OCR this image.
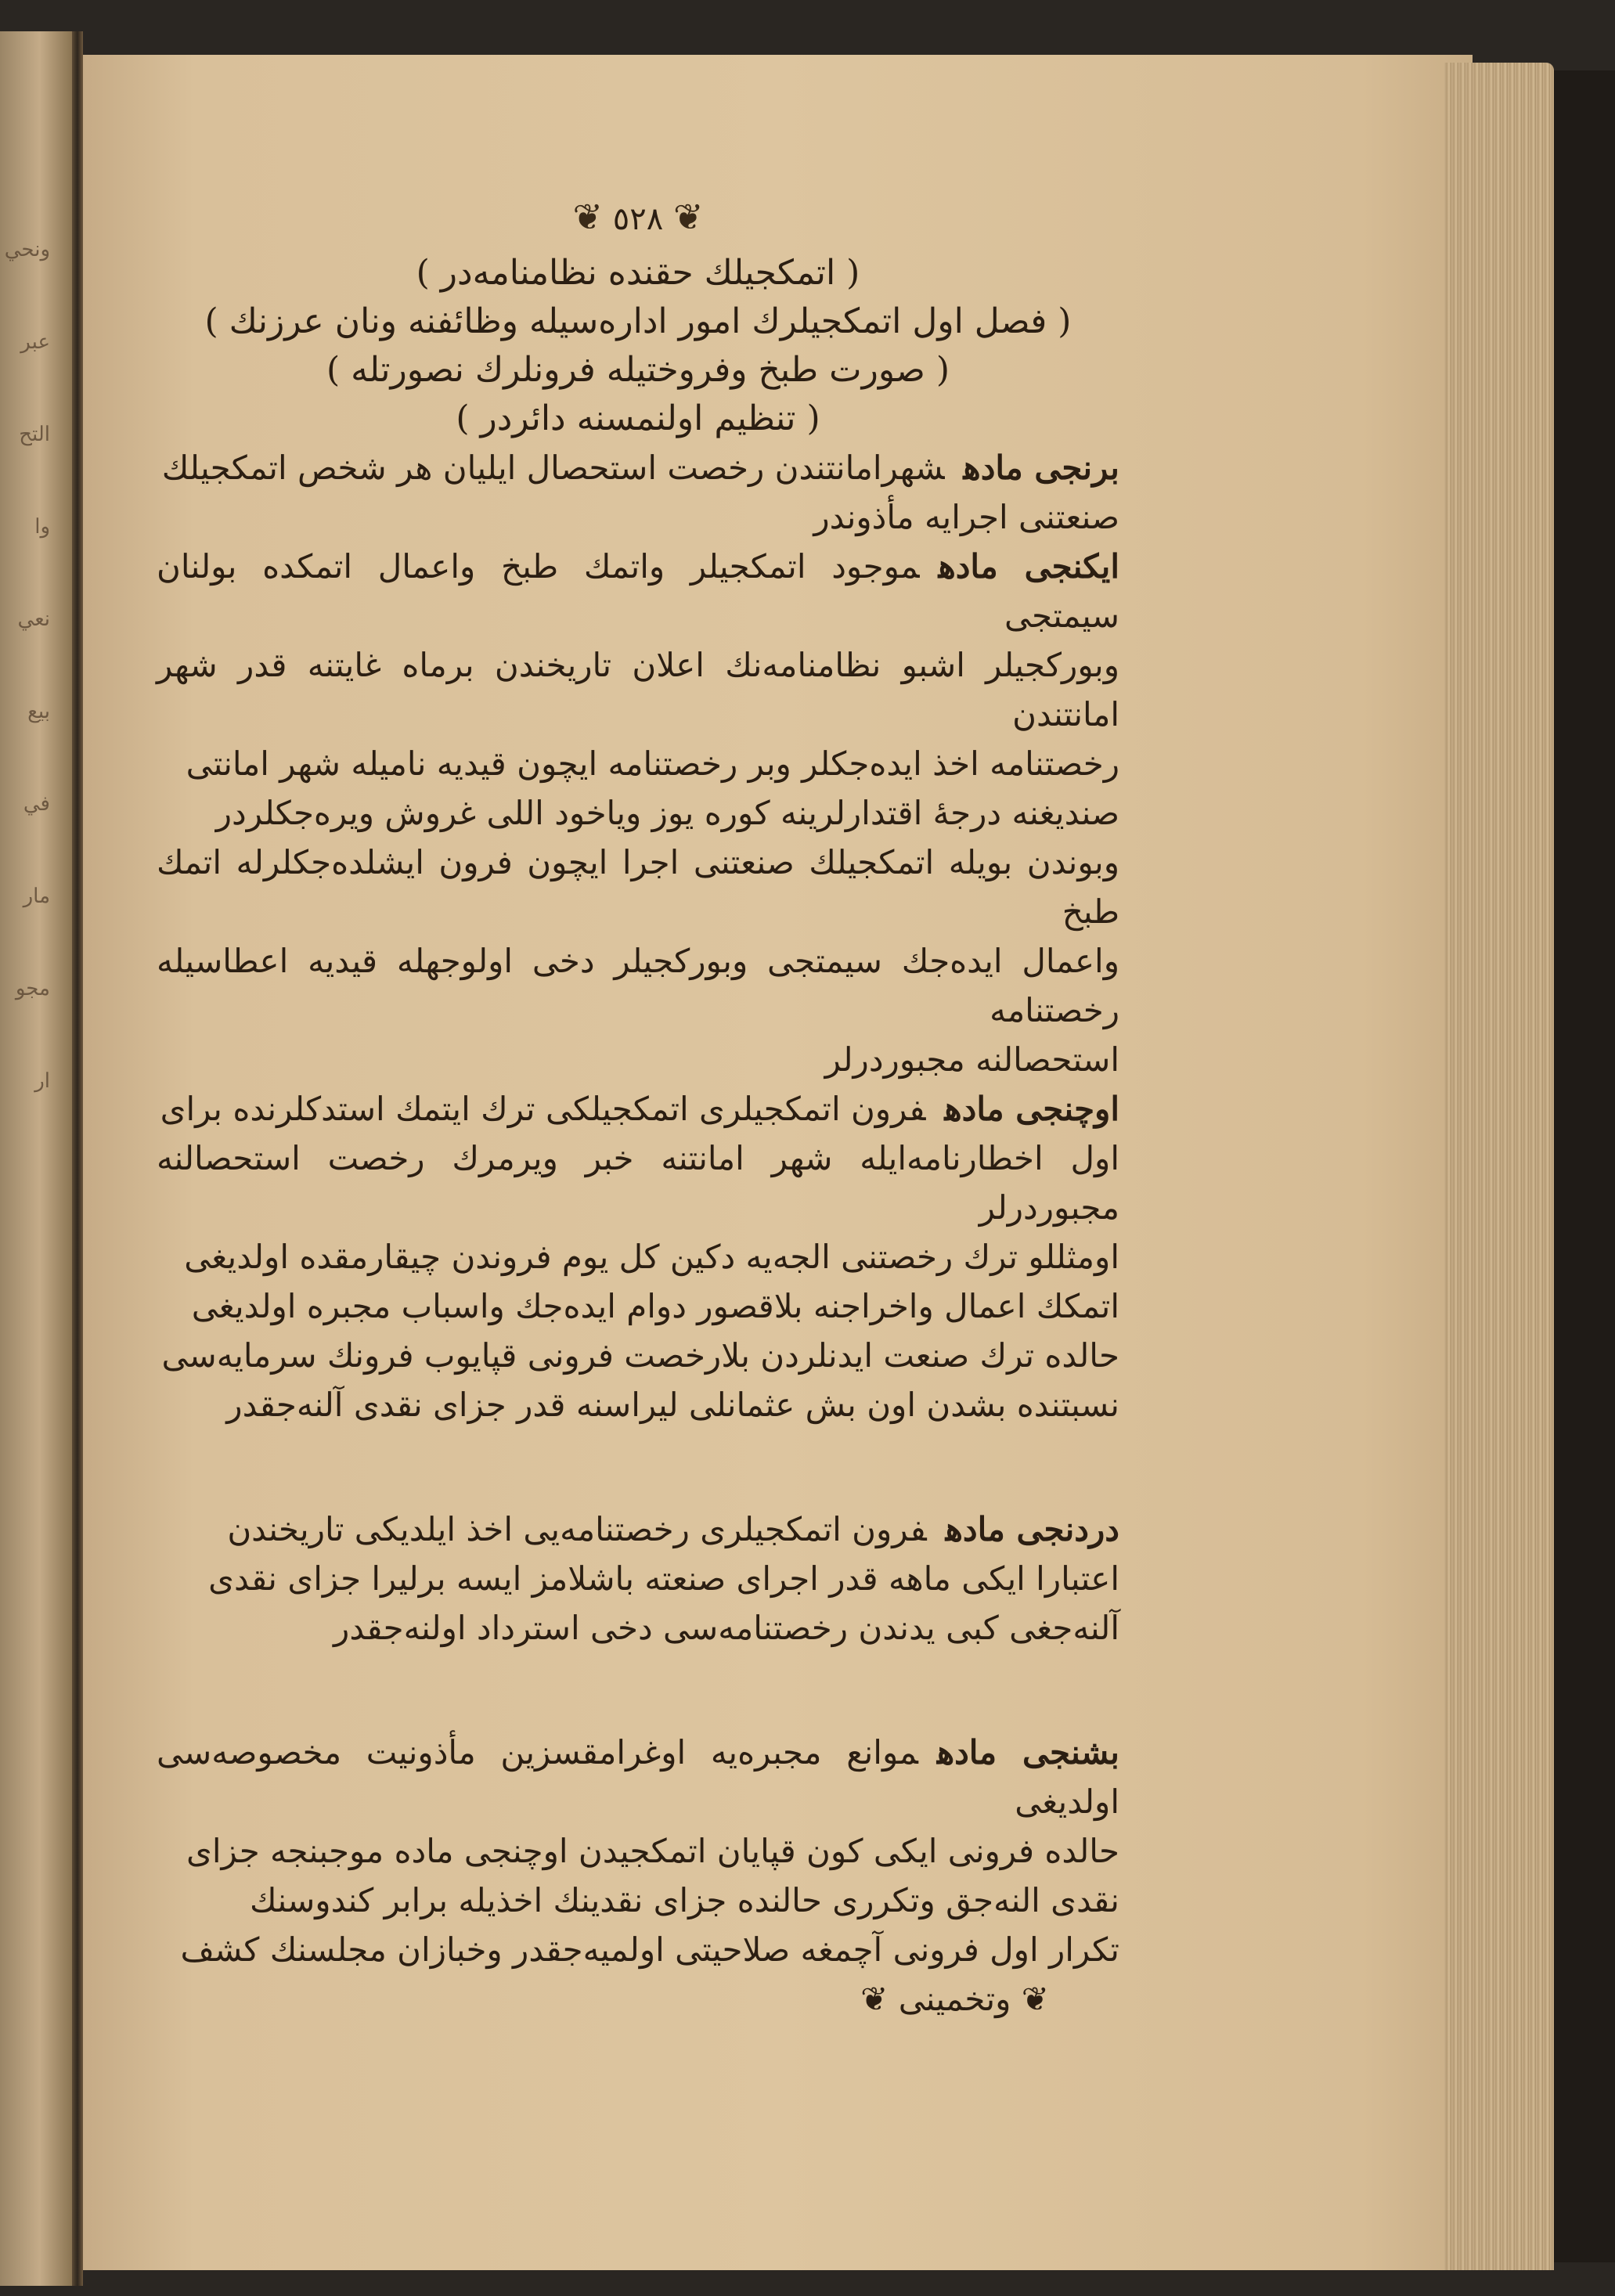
ونحي
عبر
التح
وا
نعي
بيع
في
مار
مجو
ار
❦ ٥٢٨ ❦

( اتمكجيلك حقنده نظامنامه‌در )

( فصل اول اتمكجيلرك امور اداره‌سيله وظائفنه ونان عرزنك )

( صورت طبخ وفروختيله فرونلرك نصورتله )

( تنظيم اولنمسنه دائردر )

برنجی مادهشهرامانتندن رخصت استحصال ايليان هر شخص اتمكجيلك

صنعتنی اجرايه مأذوندر

ايكنجی مادهموجود اتمكجيلر واتمك طبخ واعمال اتمكده بولنان سيمتجی

وبوركجيلر اشبو نظامنامه‌نك اعلان تاريخندن برماه غايتنه قدر شهر امانتندن

رخصتنامه اخذ ايده‌جكلر وبر رخصتنامه ايچون قيديه ناميله شهر امانتی

صندیغنه درجهٔ اقتدارلرينه كوره يوز وياخود اللی غروش ويره‌جكلردر

وبوندن بويله اتمكجيلك صنعتنی اجرا ايچون فرون ايشلده‌جكلرله اتمك طبخ

واعمال ايده‌جك سيمتجی وبوركجيلر دخی اولوجهله قيديه اعطاسيله رخصتنامه

استحصالنه مجبوردرلر

اوچنجی مادهفرون اتمكجيلری اتمكجيلكی ترك ايتمك استدكلرنده براى

اول اخطارنامه‌ايله شهر امانتنه خبر ويرمرك رخصت استحصالنه مجبوردرلر

اومثللو ترك رخصتنی الجه‌يه دكين كل يوم فروندن چيقارمقده اولديغی

اتمكك اعمال واخراجنه بلاقصور دوام ايده‌جك واسباب مجبره اولديغی

حالده ترك صنعت ايدنلردن بلارخصت فرونی قپايوب فرونك سرمايه‌سی

نسبتنده بشدن اون بش عثمانلی ليراسنه قدر جزای نقدی آلنه‌جقدر

دردنجی مادهفرون اتمكجيلری رخصتنامه‌يی اخذ ايلديكی تاريخندن

اعتبارا ايكی ماهه قدر اجرای صنعته باشلامز ايسه برليرا جزای نقدی

آلنه‌جغی كبی يدندن رخصتنامه‌سی دخی استرداد اولنه‌جقدر

بشنجی مادهموانع مجبره‌يه اوغرامقسزين مأذونيت مخصوصه‌سی اولديغی

حالده فرونی ايكی كون قپايان اتمكجيدن اوچنجی ماده موجبنجه جزای

نقدی النه‌جق وتكرری حالنده جزای نقدينك اخذيله برابر كندوسنك

تكرار اول فرونی آچمغه صلاحيتی اولميه‌جقدر وخبازان مجلسنك كشف

❦ وتخمينی ❦
